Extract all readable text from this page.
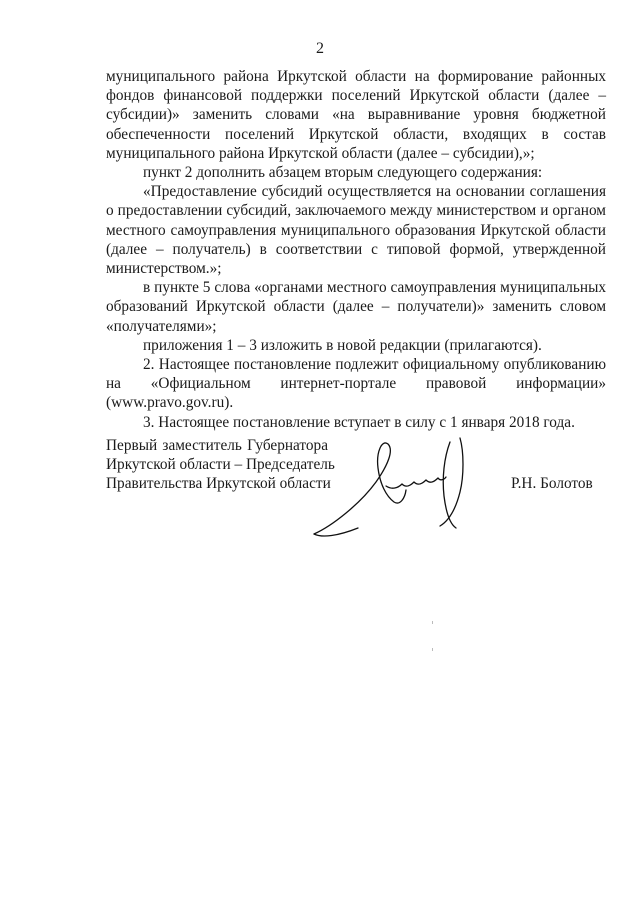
2

муниципального района Иркутской области на формирование районных фондов финансовой поддержки поселений Иркутской области (далее – субсидии)» заменить словами «на выравнивание уровня бюджетной обеспеченности поселений Иркутской области, входящих в состав муниципального района Иркутской области (далее – субсидии),»;

пункт 2 дополнить абзацем вторым следующего содержания:

«Предоставление субсидий осуществляется на основании соглашения о предоставлении субсидий, заключаемого между министерством и органом местного самоуправления муниципального образования Иркутской области (далее – получатель) в соответствии с типовой формой, утвержденной министерством.»;

в пункте 5 слова «органами местного самоуправления муниципальных образований Иркутской области (далее – получатели)» заменить словом «получателями»;

приложения 1 – 3 изложить в новой редакции (прилагаются).

2. Настоящее постановление подлежит официальному опубликованию на «Официальном интернет-портале правовой информации» (www.pravo.gov.ru).

3. Настоящее постановление вступает в силу с 1 января 2018 года.

Первый заместитель Губернатора
Иркутской области – Председатель
Правительства Иркутской области	Р.Н. Болотов
